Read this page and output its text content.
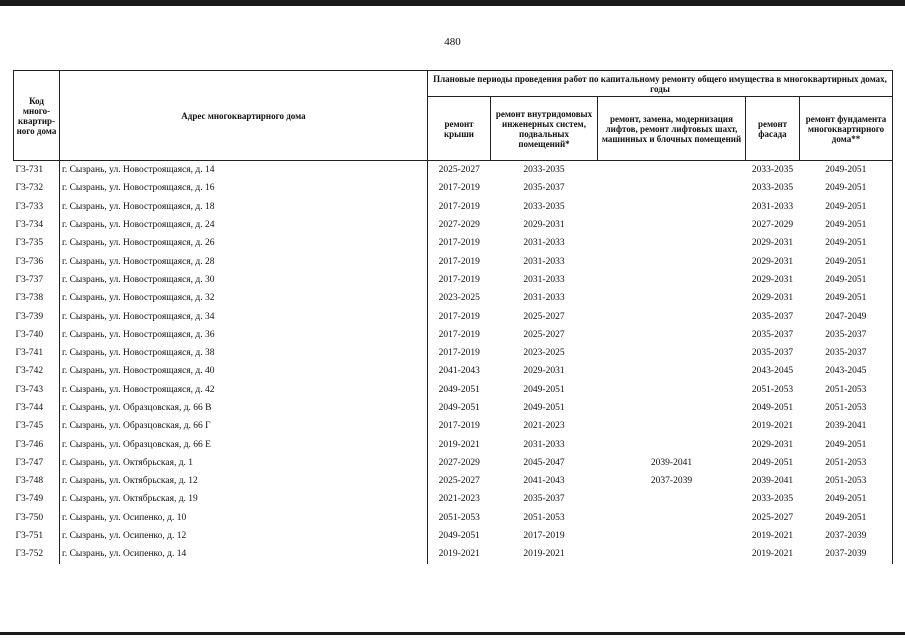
480
Код много-квартир-ного дома	Адрес многоквартирного дома	Плановые периоды проведения работ по капитальному ремонту общего имущества в многоквартирных домах, годы				
		ремонт крыши	ремонт внутридомовых инженерных систем, подвальных помещений*	ремонт, замена, модернизация лифтов, ремонт лифтовых шахт, машинных и блочных помещений	ремонт фасада	ремонт фундамента многоквартирного дома**
Г3-731	г. Сызрань, ул. Новостроящаяся, д. 14	2025-2027	2033-2035		2033-2035	2049-2051
Г3-732	г. Сызрань, ул. Новостроящаяся, д. 16	2017-2019	2035-2037		2033-2035	2049-2051
Г3-733	г. Сызрань, ул. Новостроящаяся, д. 18	2017-2019	2033-2035		2031-2033	2049-2051
Г3-734	г. Сызрань, ул. Новостроящаяся, д. 24	2027-2029	2029-2031		2027-2029	2049-2051
Г3-735	г. Сызрань, ул. Новостроящаяся, д. 26	2017-2019	2031-2033		2029-2031	2049-2051
Г3-736	г. Сызрань, ул. Новостроящаяся, д. 28	2017-2019	2031-2033		2029-2031	2049-2051
Г3-737	г. Сызрань, ул. Новостроящаяся, д. 30	2017-2019	2031-2033		2029-2031	2049-2051
Г3-738	г. Сызрань, ул. Новостроящаяся, д. 32	2023-2025	2031-2033		2029-2031	2049-2051
Г3-739	г. Сызрань, ул. Новостроящаяся, д. 34	2017-2019	2025-2027		2035-2037	2047-2049
Г3-740	г. Сызрань, ул. Новостроящаяся, д. 36	2017-2019	2025-2027		2035-2037	2035-2037
Г3-741	г. Сызрань, ул. Новостроящаяся, д. 38	2017-2019	2023-2025		2035-2037	2035-2037
Г3-742	г. Сызрань, ул. Новостроящаяся, д. 40	2041-2043	2029-2031		2043-2045	2043-2045
Г3-743	г. Сызрань, ул. Новостроящаяся, д. 42	2049-2051	2049-2051		2051-2053	2051-2053
Г3-744	г. Сызрань, ул. Образцовская, д. 66 В	2049-2051	2049-2051		2049-2051	2051-2053
Г3-745	г. Сызрань, ул. Образцовская, д. 66 Г	2017-2019	2021-2023		2019-2021	2039-2041
Г3-746	г. Сызрань, ул. Образцовская, д. 66 Е	2019-2021	2031-2033		2029-2031	2049-2051
Г3-747	г. Сызрань, ул. Октябрьская, д. 1	2027-2029	2045-2047	2039-2041	2049-2051	2051-2053
Г3-748	г. Сызрань, ул. Октябрьская, д. 12	2025-2027	2041-2043	2037-2039	2039-2041	2051-2053
Г3-749	г. Сызрань, ул. Октябрьская, д. 19	2021-2023	2035-2037		2033-2035	2049-2051
Г3-750	г. Сызрань, ул. Осипенко, д. 10	2051-2053	2051-2053		2025-2027	2049-2051
Г3-751	г. Сызрань, ул. Осипенко, д. 12	2049-2051	2017-2019		2019-2021	2037-2039
Г3-752	г. Сызрань, ул. Осипенко, д. 14	2019-2021	2019-2021		2019-2021	2037-2039
